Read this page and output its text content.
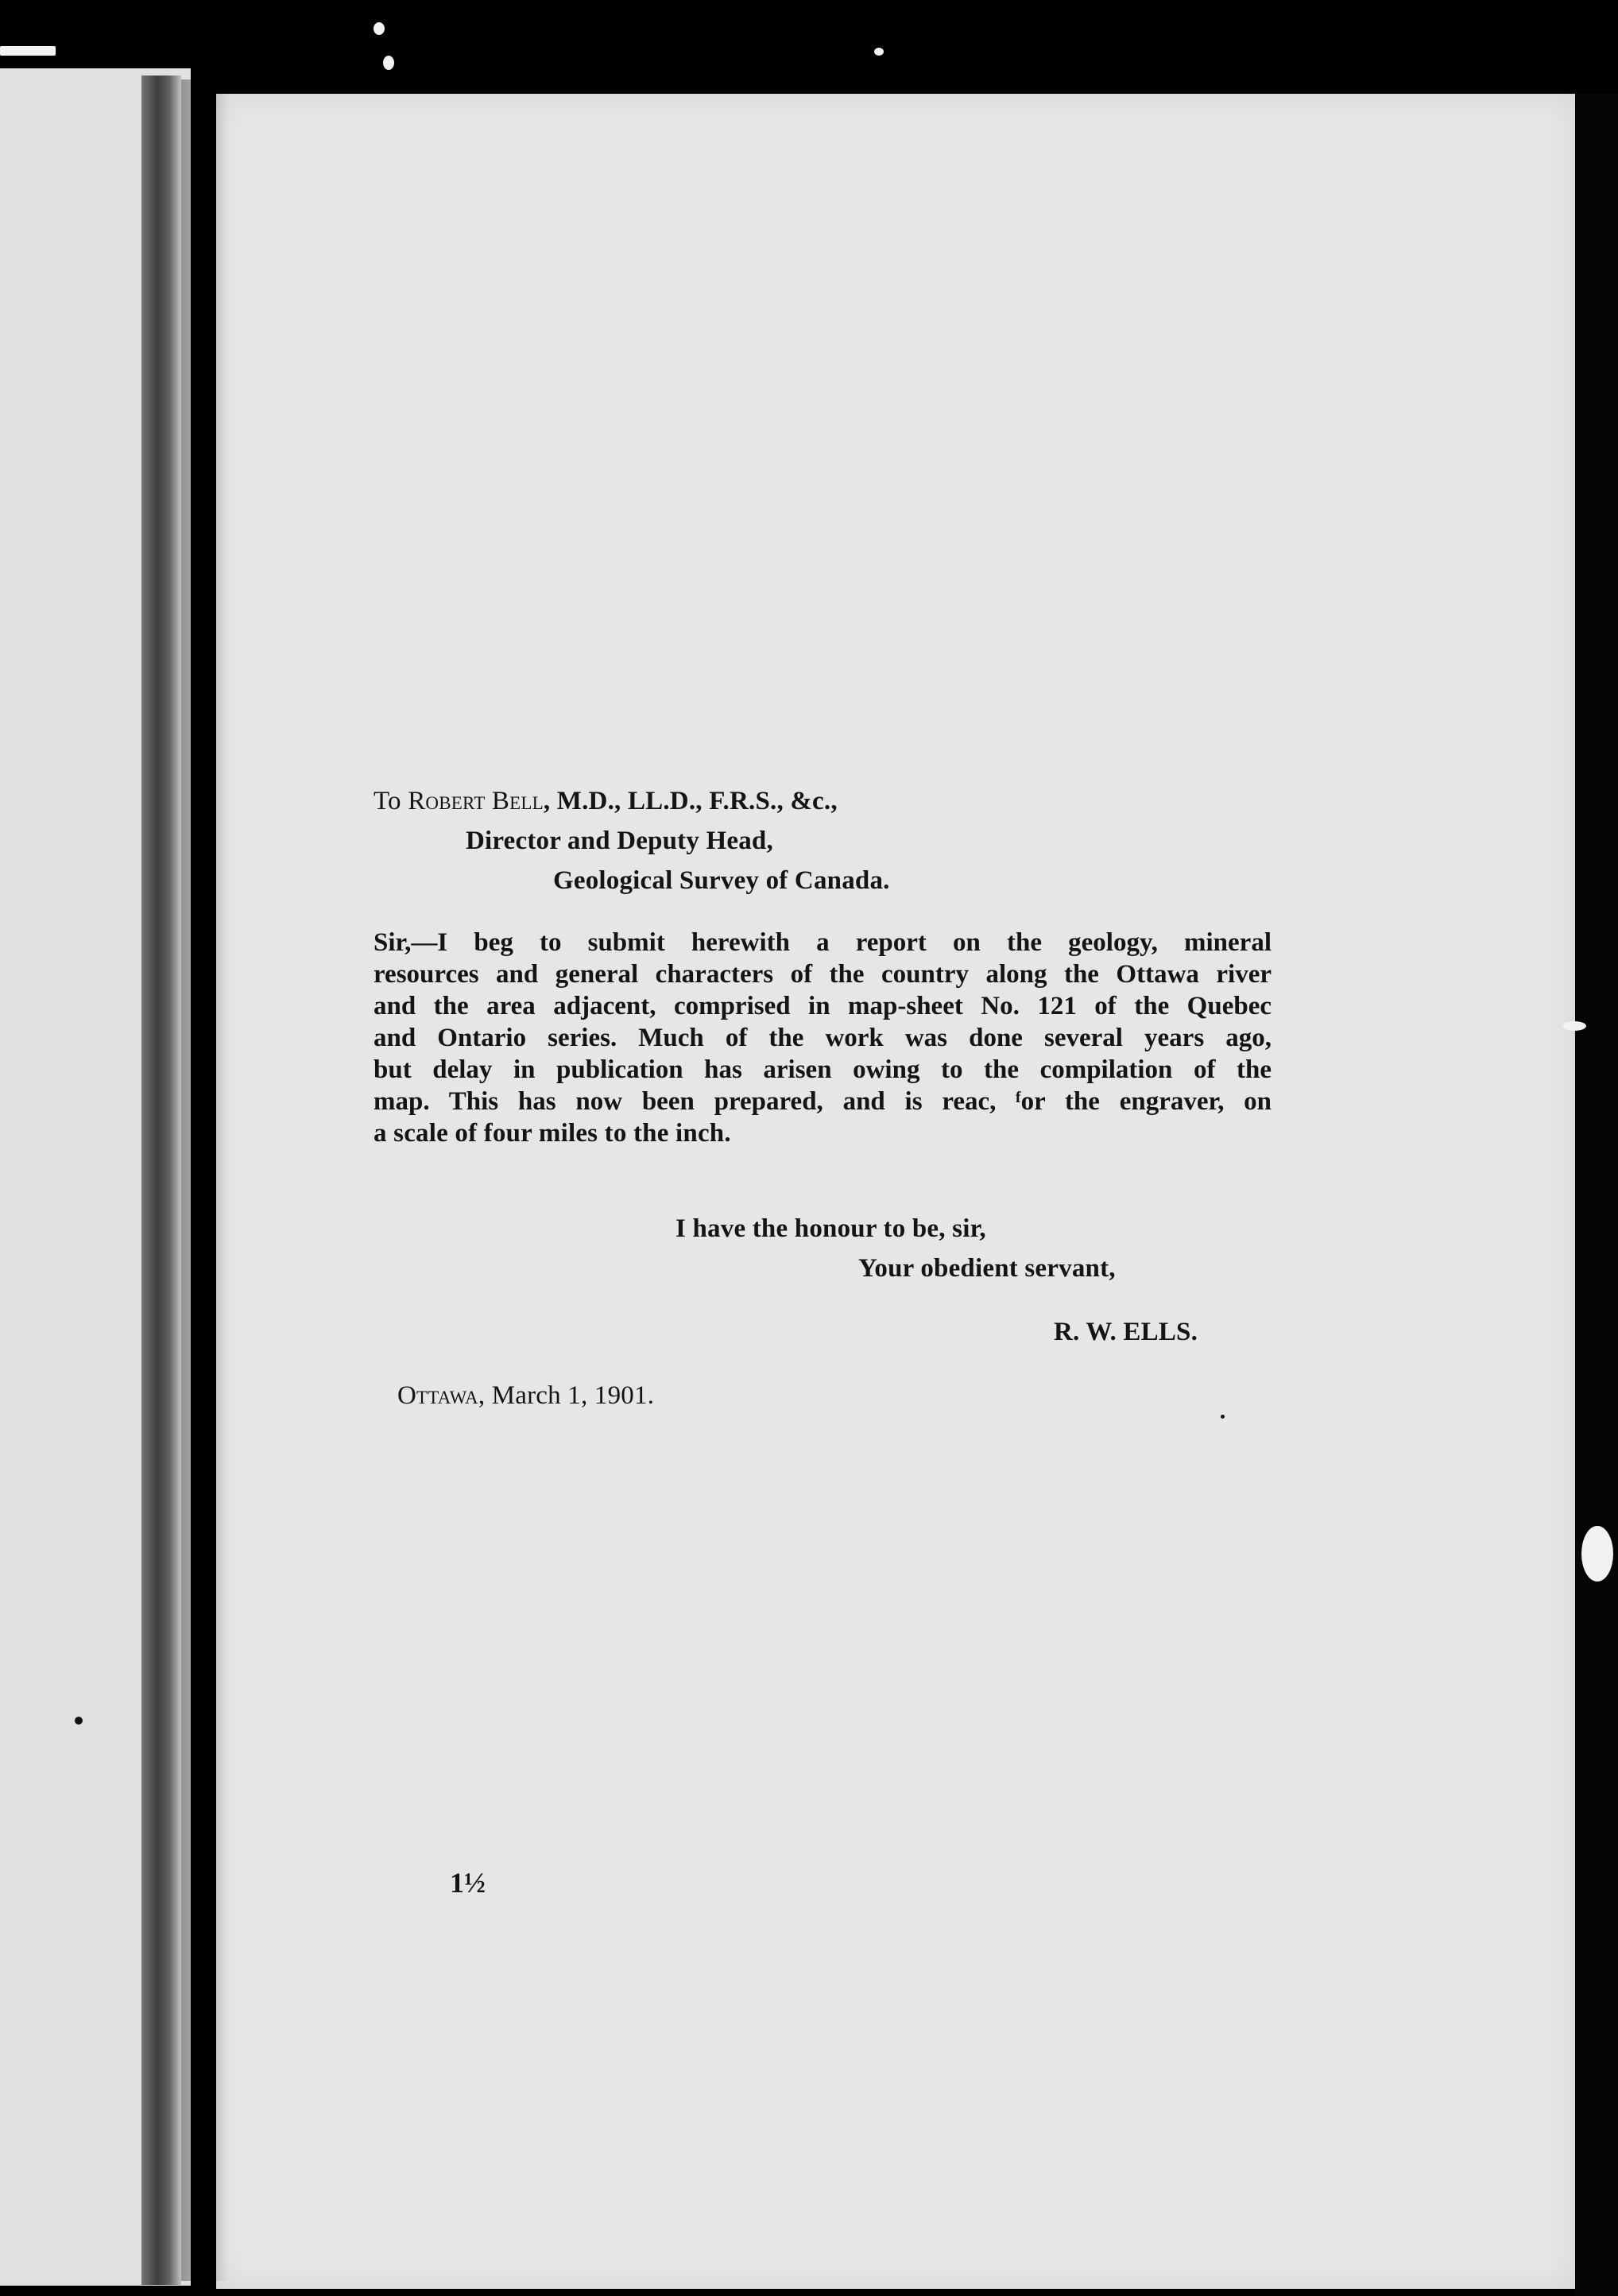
To Robert Bell, M.D., LL.D., F.R.S., &c.,
Director and Deputy Head,
Geological Survey of Canada.
Sir,—I beg to submit herewith a report on the geology, mineral
resources and general characters of the country along the Ottawa river
and the area adjacent, comprised in map-sheet No. 121 of the Quebec
and Ontario series. Much of the work was done several years ago,
but delay in publication has arisen owing to the compilation of the
map. This has now been prepared, and is reac, ᶠor the engraver, on
a scale of four miles to the inch.
I have the honour to be, sir,
Your obedient servant,
R. W. ELLS.
Ottawa, March 1, 1901.
1½
